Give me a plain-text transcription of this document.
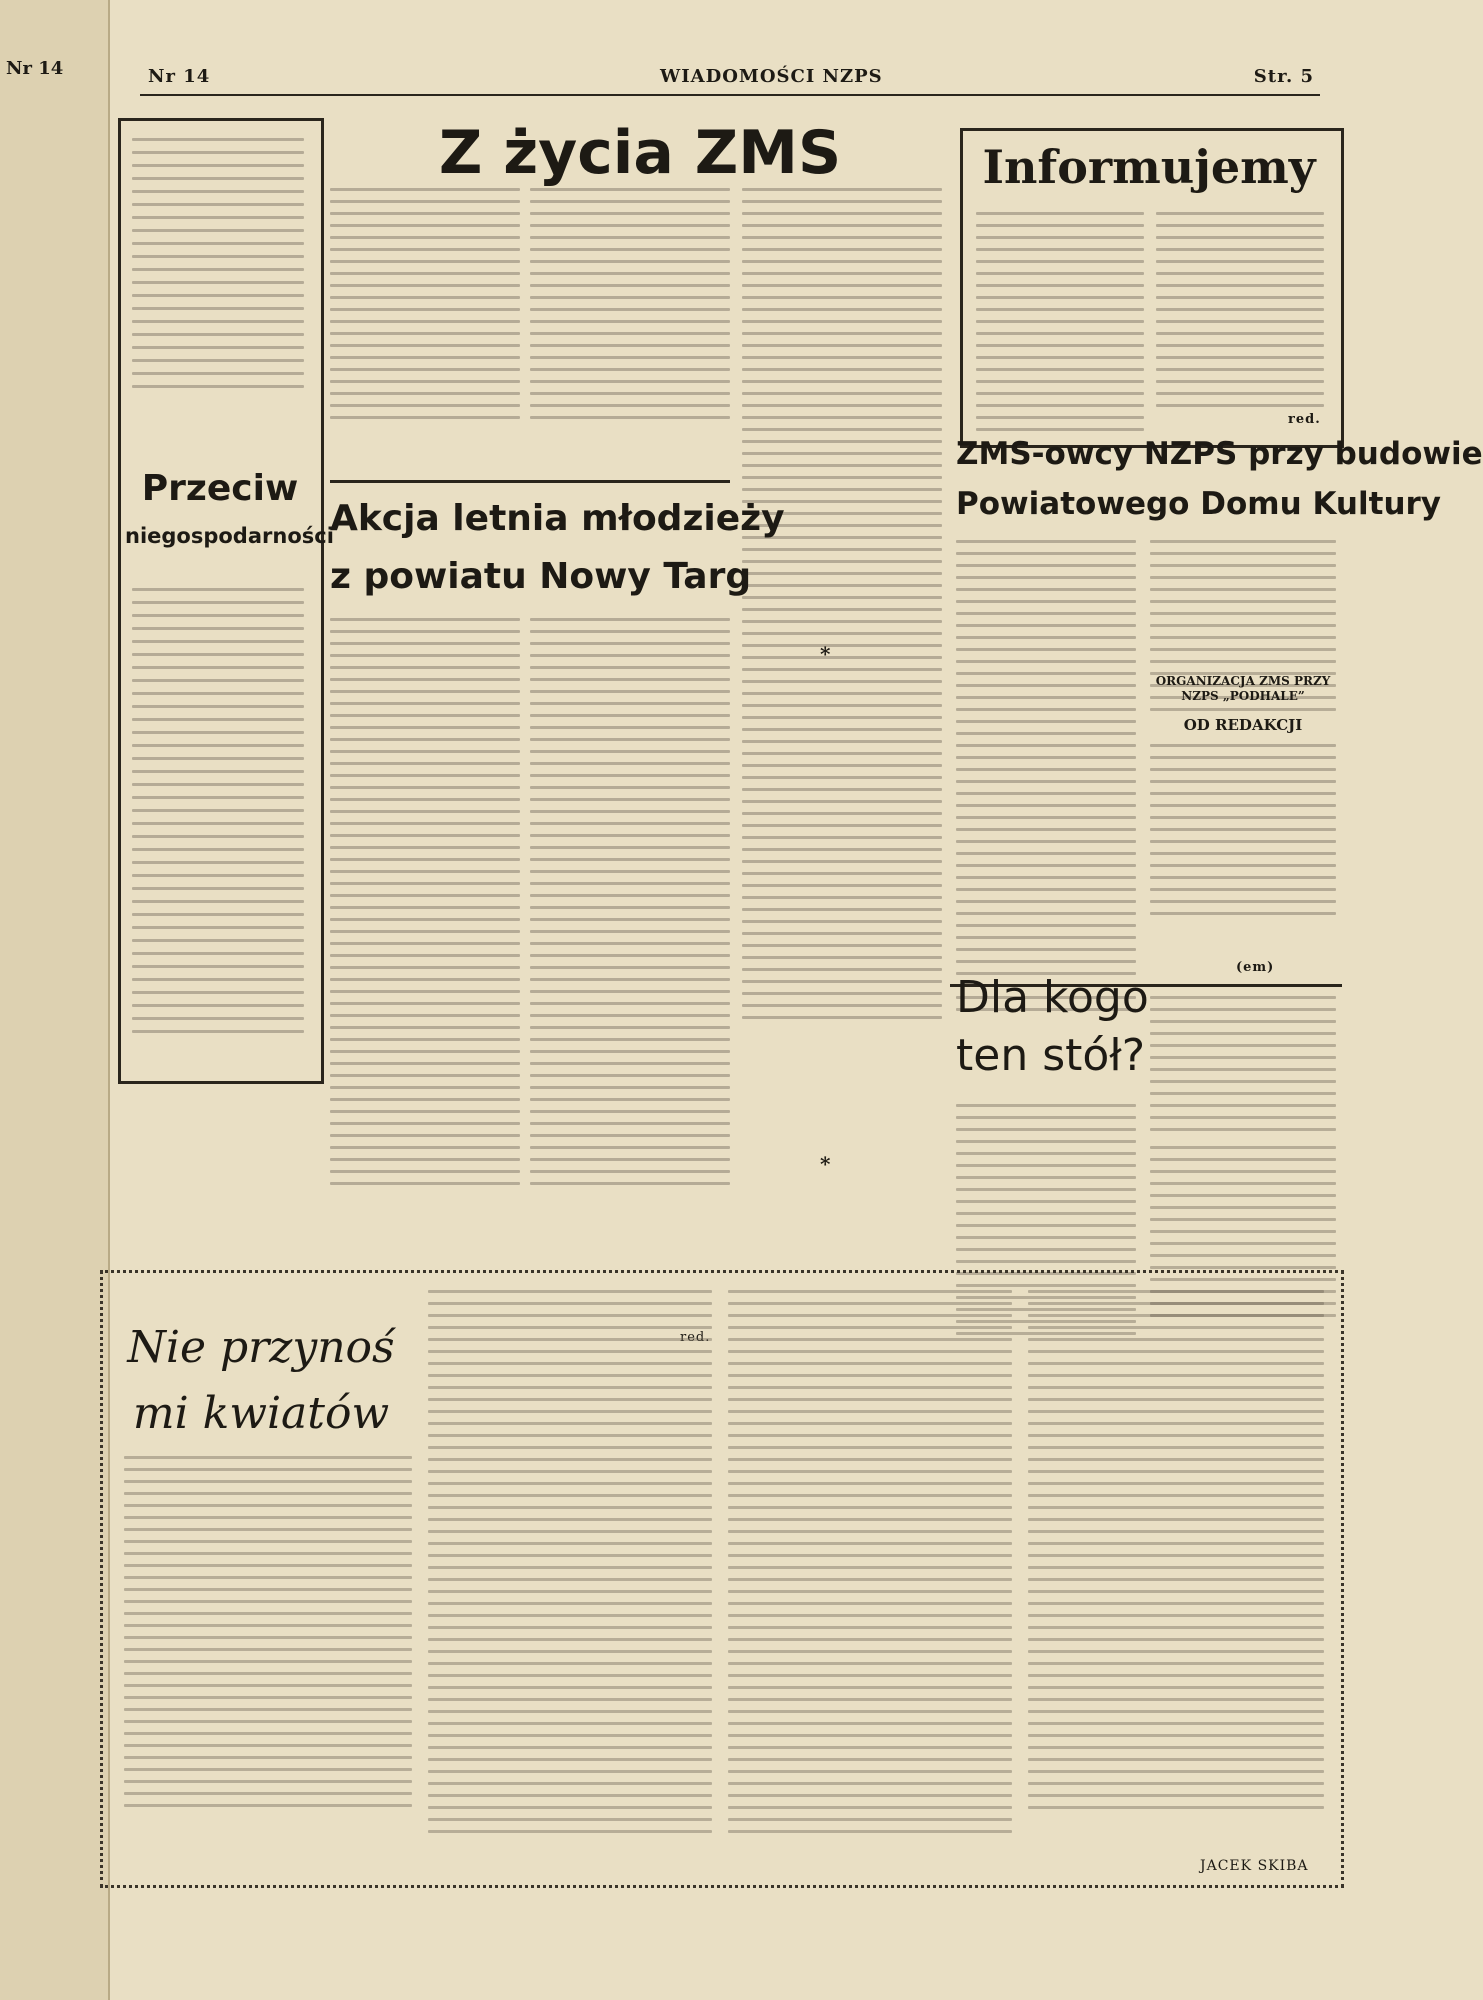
Nr 14	Nr 14	WIADOMOŚCI NZPS	Str. 5
Przeciw
niegospodarności
Z życia ZMS
*
*
red.
Akcja letnia młodzieży
z powiatu Nowy Targ
Informujemy
red.
ZMS-owcy NZPS przy budowie
Powiatowego Domu Kultury
ORGANIZACJA ZMS PRZY NZPS „PODHALE”
OD REDAKCJI
(em)
Dla kogo
ten stół?
Nie przynoś
mi kwiatów
JACEK SKIBA
